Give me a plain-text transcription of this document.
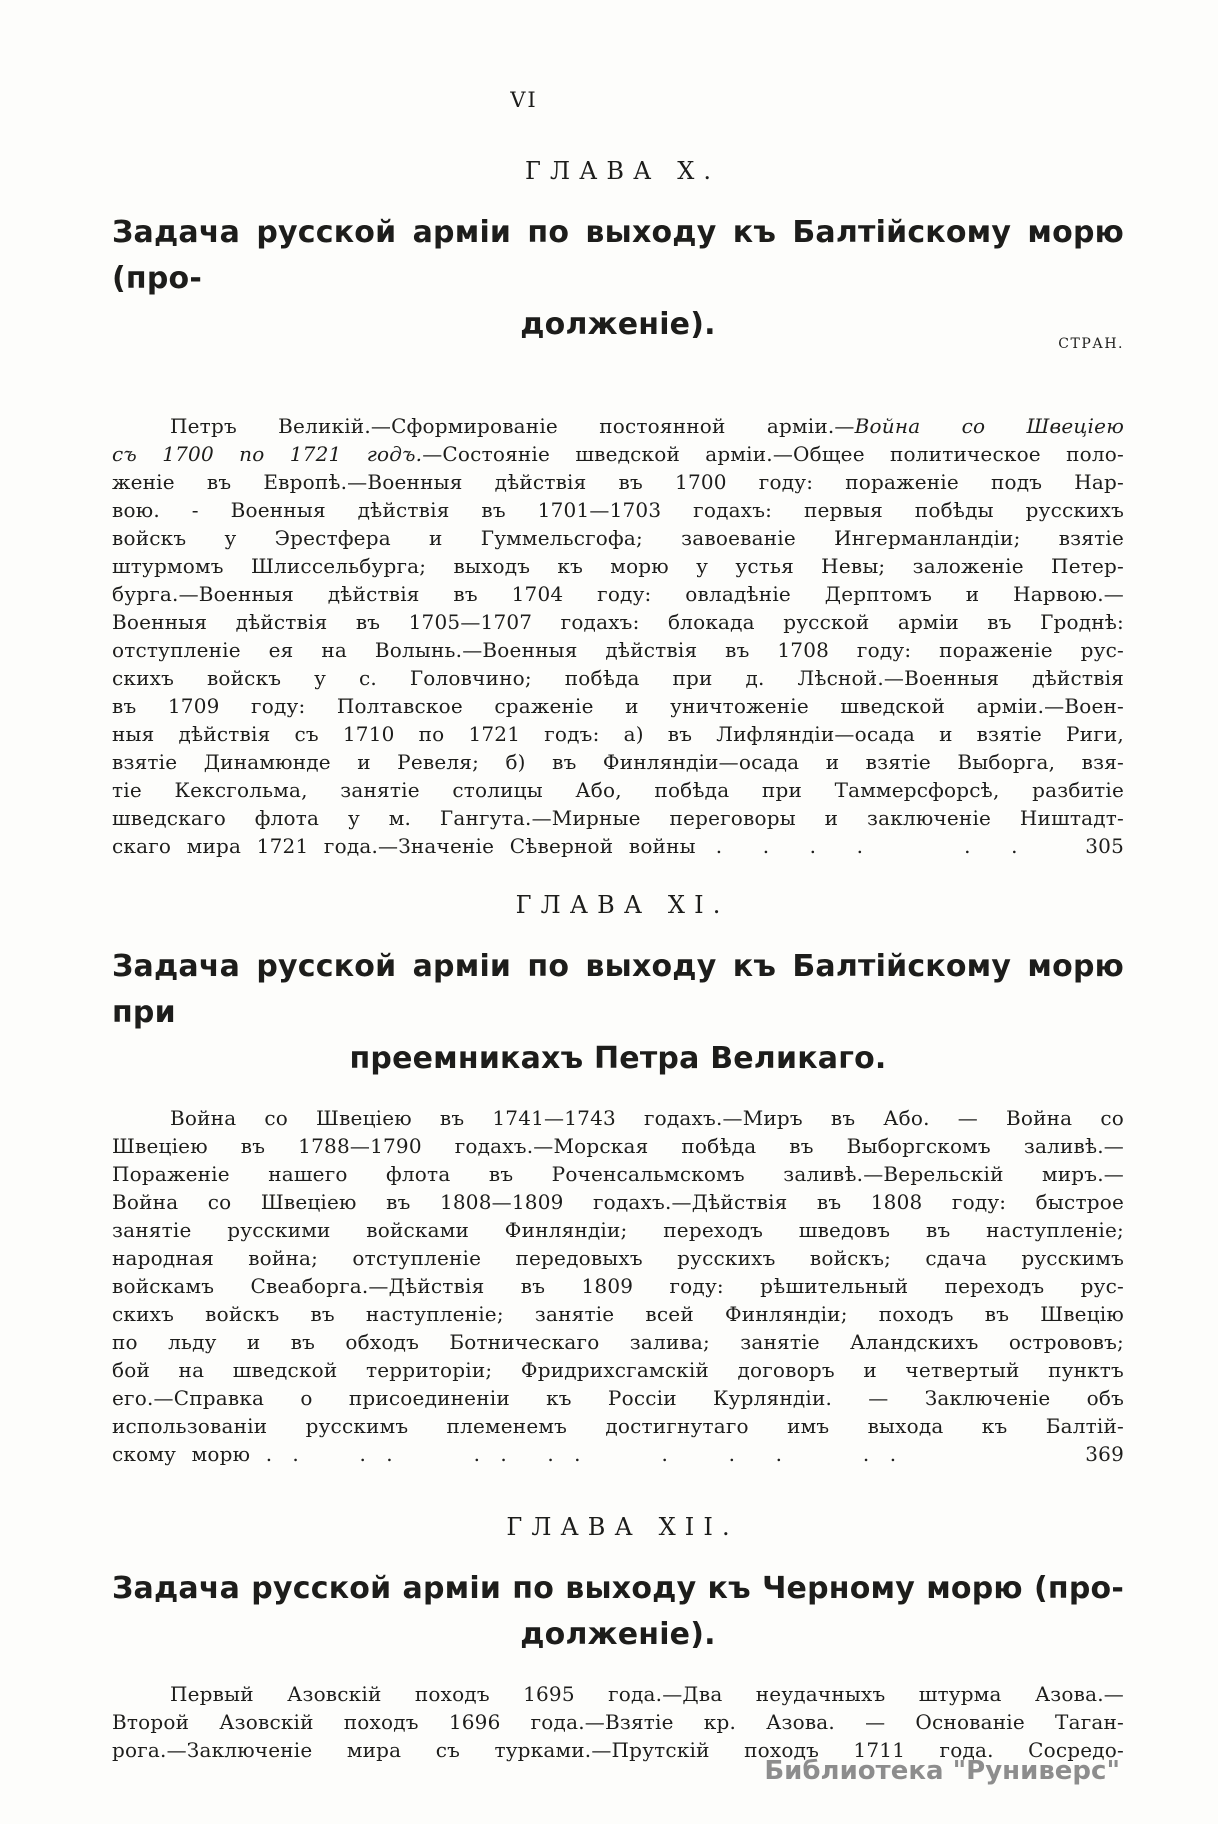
VI
СТРАН.
ГЛАВА X.
Задача русской арміи по выходу къ Балтійскому морю (про-
долженіе).
Петръ Великій.—Сформированіе постоянной арміи.—Война со Швеціею
съ 1700 по 1721 годъ.—Состояніе шведской арміи.—Общее политическое поло-
женіе въ Европѣ.—Военныя дѣйствія въ 1700 году: пораженіе подъ Нар-
вою. - Военныя дѣйствія въ 1701—1703 годахъ: первыя побѣды русскихъ
войскъ у Эрестфера и Гуммельсгофа; завоеваніе Ингерманландіи; взятіе
штурмомъ Шлиссельбурга; выходъ къ морю у устья Невы; заложеніе Петер-
бурга.—Военныя дѣйствія въ 1704 году: овладѣніе Дерптомъ и Нарвою.—
Военныя дѣйствія въ 1705—1707 годахъ: блокада русской арміи въ Гроднѣ:
отступленіе ея на Волынь.—Военныя дѣйствія въ 1708 году: пораженіе рус-
скихъ войскъ у с. Головчино; побѣда при д. Лѣсной.—Военныя дѣйствія
въ 1709 году: Полтавское сраженіе и уничтоженіе шведской арміи.—Воен-
ныя дѣйствія съ 1710 по 1721 годъ: а) въ Лифляндіи—осада и взятіе Риги,
взятіе Динамюнде и Ревеля; б) въ Финляндіи—осада и взятіе Выборга, взя-
тіе Кексгольма, занятіе столицы Або, побѣда при Таммерсфорсѣ, разбитіе
шведскаго флота у м. Гангута.—Мирные переговоры и заключеніе Ништадт-
скаго мира 1721 года.—Значеніе Сѣверной войны	.  .  .  .     .  .	305
ГЛАВА XI.
Задача русской арміи по выходу къ Балтійскому морю при
преемникахъ Петра Великаго.
Война со Швеціею въ 1741—1743 годахъ.—Миръ въ Або. — Война со
Швеціею въ 1788—1790 годахъ.—Морская побѣда въ Выборгскомъ заливѣ.—
Пораженіе нашего флота въ Роченсальмскомъ заливѣ.—Верельскій миръ.—
Война со Швеціею въ 1808—1809 годахъ.—Дѣйствія въ 1808 году: быстрое
занятіе русскими войсками Финляндіи; переходъ шведовъ въ наступленіе;
народная война; отступленіе передовыхъ русскихъ войскъ; сдача русскимъ
войскамъ Свеаборга.—Дѣйствія въ 1809 году: рѣшительный переходъ рус-
скихъ войскъ въ наступленіе; занятіе всей Финляндіи; походъ въ Швецію
по льду и въ обходъ Ботническаго залива; занятіе Аландскихъ острововъ;
бой на шведской территоріи; Фридрихсгамскій договоръ и четвертый пунктъ
его.—Справка о присоединеніи къ Россіи Курляндіи. — Заключеніе объ
использованіи русскимъ племенемъ достигнутаго имъ выхода къ Балтій-
скому морю .	.   . .    . .  . .    .   .  .    . .	369
ГЛАВА XII.
Задача русской арміи по выходу къ Черному морю (про-
долженіе).
Первый Азовскій походъ 1695 года.—Два неудачныхъ штурма Азова.—
Второй Азовскій походъ 1696 года.—Взятіе кр. Азова. — Основаніе Таган-
рога.—Заключеніе мира съ турками.—Прутскій походъ 1711 года. Сосредо-
Библиотека "Руниверс"
